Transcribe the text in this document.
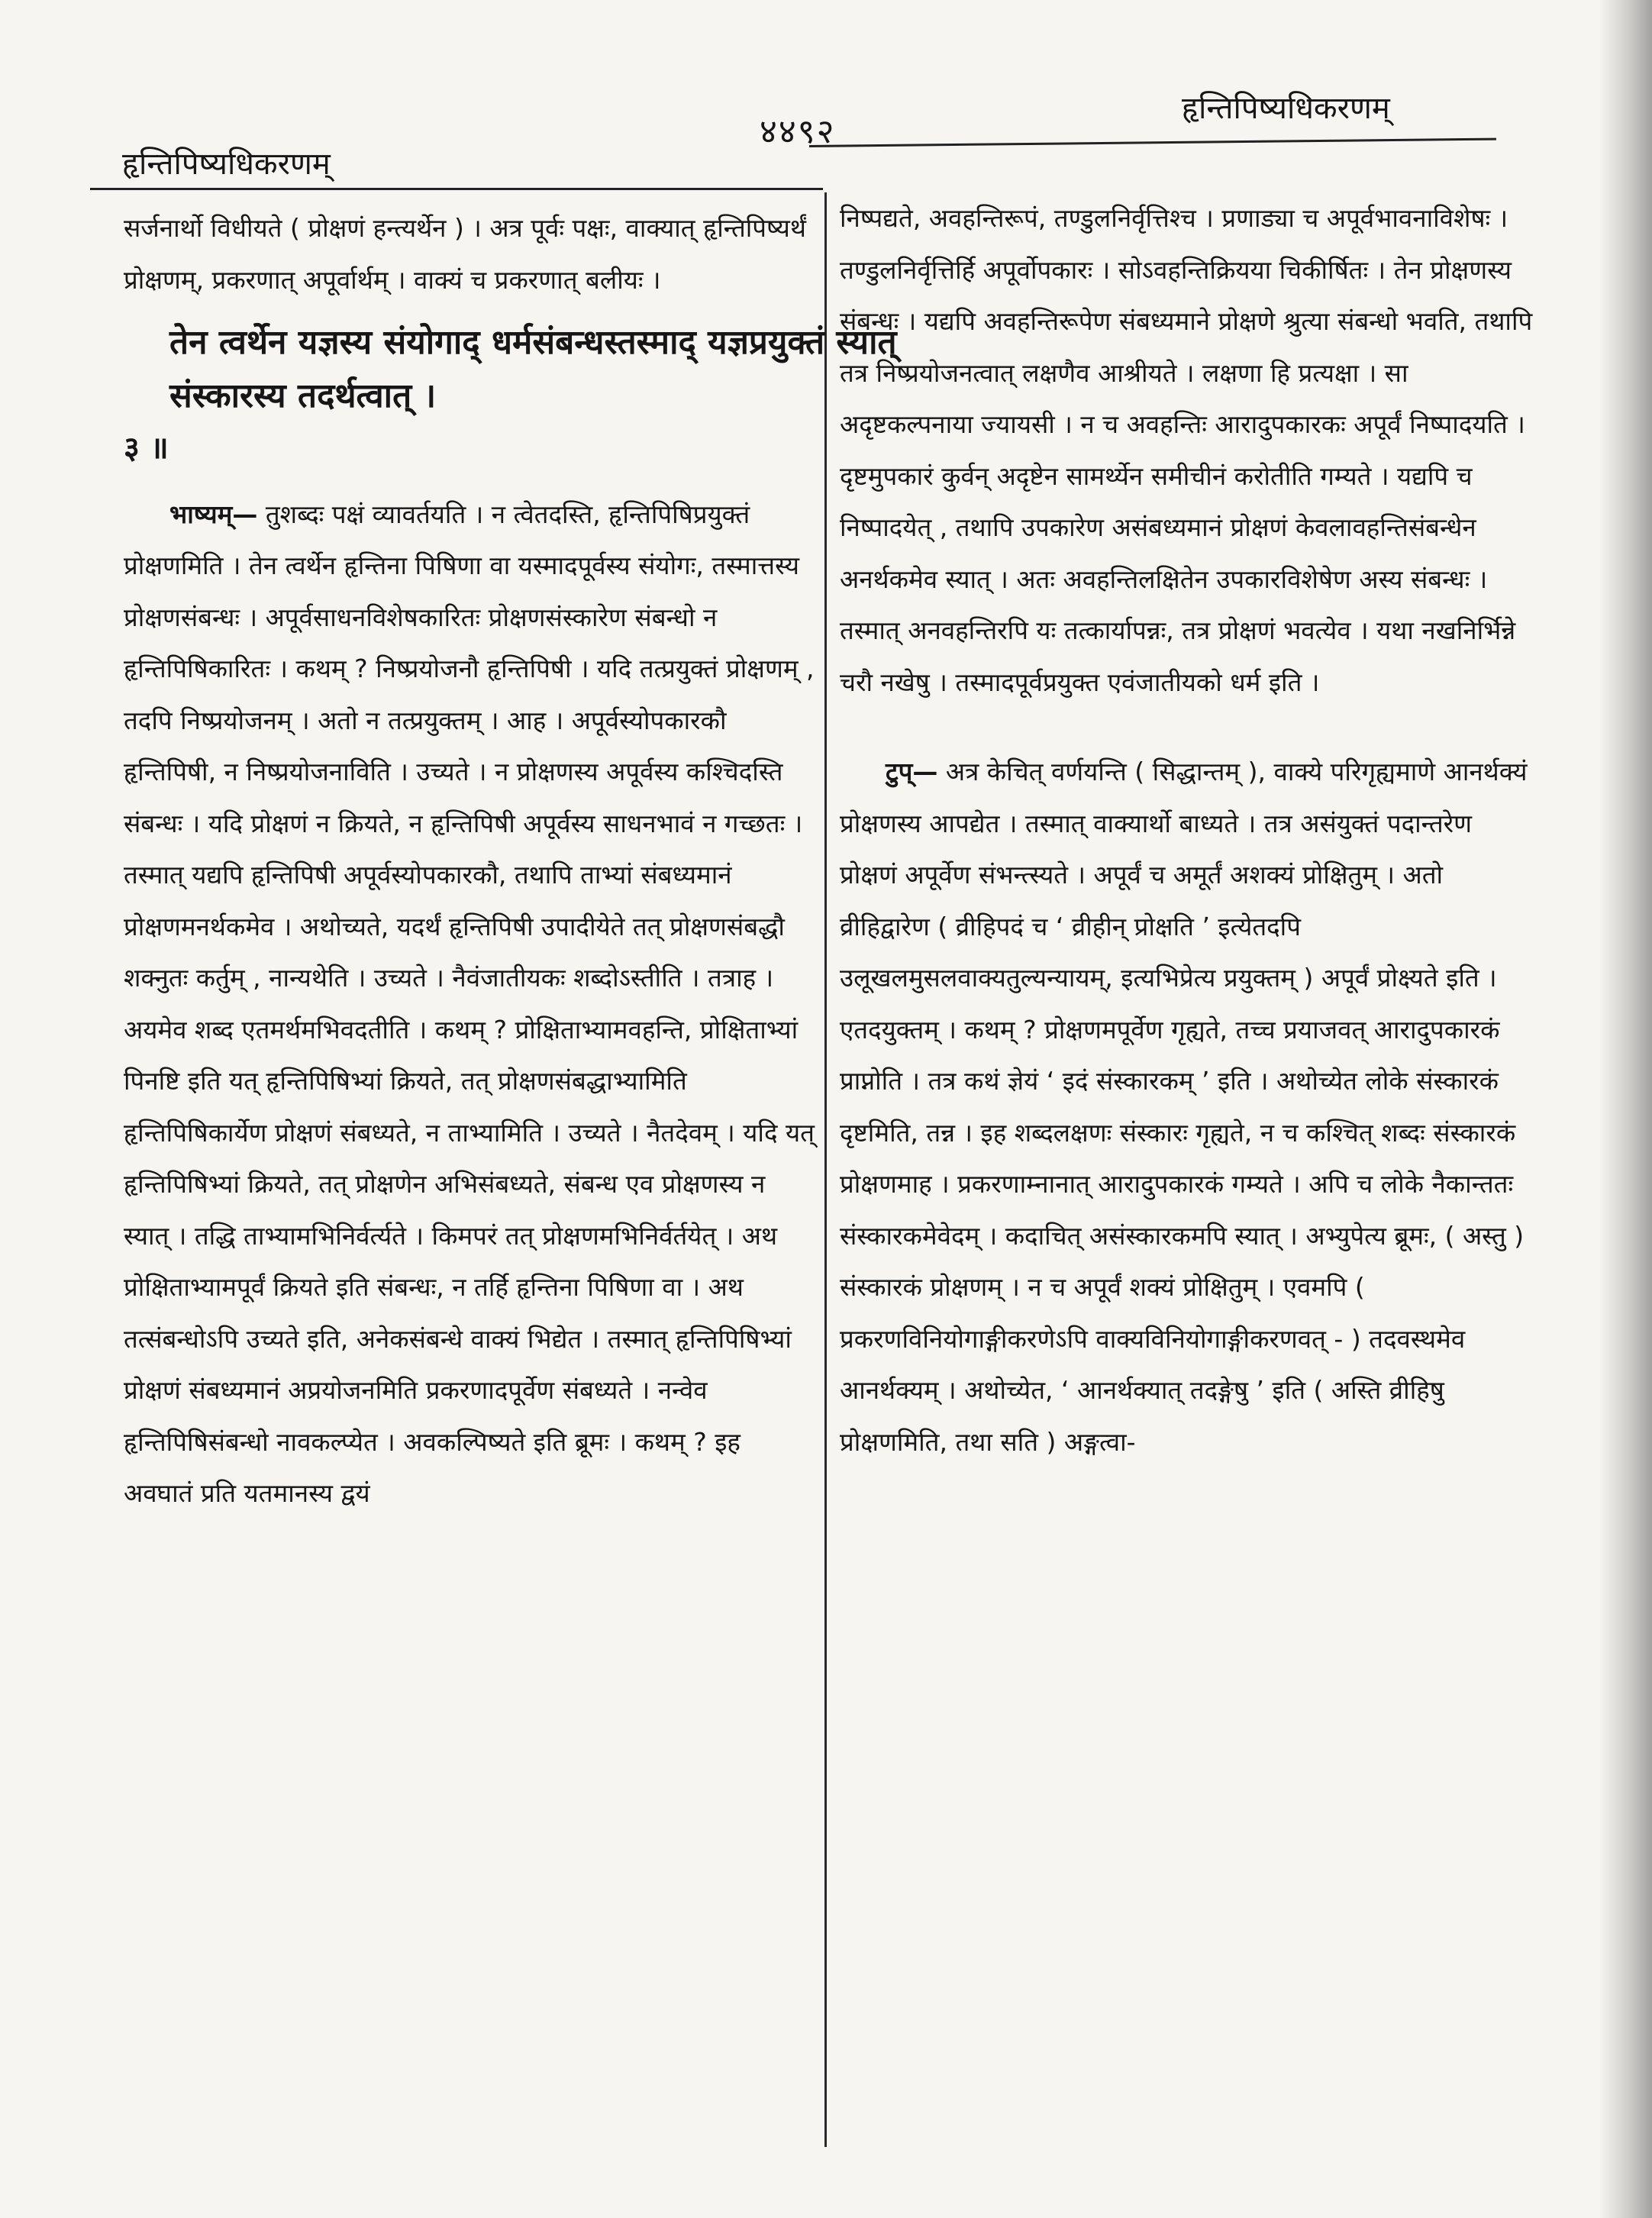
हृन्तिपिष्यधिकरणम्
४४९२
हृन्तिपिष्यधिकरणम्

सर्जनार्थो विधीयते ( प्रोक्षणं हन्त्यर्थेन ) । अत्र पूर्वः पक्षः, वाक्यात् हृन्तिपिष्यर्थं प्रोक्षणम्, प्रकरणात् अपूर्वार्थम् । वाक्यं च प्रकरणात् बलीयः ।

तेन त्वर्थेन यज्ञस्य संयोगाद् धर्मसंबन्धस्तस्माद् यज्ञप्रयुक्तं स्यात् संस्कारस्य तदर्थत्वात् ।

३ ॥

भाष्यम्— तुशब्दः पक्षं व्यावर्तयति । न त्वेतदस्ति, हृन्तिपिषिप्रयुक्तं प्रोक्षणमिति । तेन त्वर्थेन हृन्तिना पिषिणा वा यस्मादपूर्वस्य संयोगः, तस्मात्तस्य प्रोक्षणसंबन्धः । अपूर्वसाधनविशेषकारितः प्रोक्षणसंस्कारेण संबन्धो न हृन्तिपिषिकारितः । कथम् ? निष्प्रयोजनौ हृन्तिपिषी । यदि तत्प्रयुक्तं प्रोक्षणम् , तदपि निष्प्रयोजनम् । अतो न तत्प्रयुक्तम् । आह । अपूर्वस्योपकारकौ हृन्तिपिषी, न निष्प्रयोजनाविति । उच्यते । न प्रोक्षणस्य अपूर्वस्य कश्चिदस्ति संबन्धः । यदि प्रोक्षणं न क्रियते, न हृन्तिपिषी अपूर्वस्य साधनभावं न गच्छतः । तस्मात् यद्यपि हृन्तिपिषी अपूर्वस्योपकारकौ, तथापि ताभ्यां संबध्यमानं प्रोक्षणमनर्थकमेव । अथोच्यते, यदर्थं हृन्तिपिषी उपादीयेते तत् प्रोक्षणसंबद्धौ शक्नुतः कर्तुम् , नान्यथेति । उच्यते । नैवंजातीयकः शब्दोऽस्तीति । तत्राह । अयमेव शब्द एतमर्थमभिवदतीति । कथम् ? प्रोक्षिताभ्यामवहन्ति, प्रोक्षिताभ्यां पिनष्टि इति यत् हृन्तिपिषिभ्यां क्रियते, तत् प्रोक्षणसंबद्धाभ्यामिति हृन्तिपिषिकार्येण प्रोक्षणं संबध्यते, न ताभ्यामिति । उच्यते । नैतदेवम् । यदि यत् हृन्तिपिषिभ्यां क्रियते, तत् प्रोक्षणेन अभिसंबध्यते, संबन्ध एव प्रोक्षणस्य न स्यात् । तद्धि ताभ्यामभिनिर्वर्त्यते । किमपरं तत् प्रोक्षणमभिनिर्वर्तयेत् । अथ प्रोक्षिताभ्यामपूर्वं क्रियते इति संबन्धः, न तर्हि हृन्तिना पिषिणा वा । अथ तत्संबन्धोऽपि उच्यते इति, अनेकसंबन्धे वाक्यं भिद्येत । तस्मात् हृन्तिपिषिभ्यां प्रोक्षणं संबध्यमानं अप्रयोजनमिति प्रकरणादपूर्वेण संबध्यते । नन्वेव हृन्तिपिषिसंबन्धो नावकल्प्येत । अवकल्पिष्यते इति ब्रूमः । कथम् ? इह अवघातं प्रति यतमानस्य द्वयं

निष्पद्यते, अवहन्तिरूपं, तण्डुलनिर्वृत्तिश्च । प्रणाड्या च अपूर्वभावनाविशेषः । तण्डुलनिर्वृत्तिर्हि अपूर्वोपकारः । सोऽवहन्तिक्रियया चिकीर्षितः । तेन प्रोक्षणस्य संबन्धः । यद्यपि अवहन्तिरूपेण संबध्यमाने प्रोक्षणे श्रुत्या संबन्धो भवति, तथापि तत्र निष्प्रयोजनत्वात् लक्षणैव आश्रीयते । लक्षणा हि प्रत्यक्षा । सा अदृष्टकल्पनाया ज्यायसी । न च अवहन्तिः आरादुपकारकः अपूर्वं निष्पादयति । दृष्टमुपकारं कुर्वन् अदृष्टेन सामर्थ्येन समीचीनं करोतीति गम्यते । यद्यपि च निष्पादयेत् , तथापि उपकारेण असंबध्यमानं प्रोक्षणं केवलावहन्तिसंबन्धेन अनर्थकमेव स्यात् । अतः अवहन्तिलक्षितेन उपकारविशेषेण अस्य संबन्धः । तस्मात् अनवहन्तिरपि यः तत्कार्यापन्नः, तत्र प्रोक्षणं भवत्येव । यथा नखनिर्भिन्ने चरौ नखेषु । तस्मादपूर्वप्रयुक्त एवंजातीयको धर्म इति ।

टुप्— अत्र केचित् वर्णयन्ति ( सिद्धान्तम् ), वाक्ये परिगृह्यमाणे आनर्थक्यं प्रोक्षणस्य आपद्येत । तस्मात् वाक्यार्थो बाध्यते । तत्र असंयुक्तं पदान्तरेण प्रोक्षणं अपूर्वेण संभन्त्स्यते । अपूर्वं च अमूर्तं अशक्यं प्रोक्षितुम् । अतो व्रीहिद्वारेण ( व्रीहिपदं च ‘ व्रीहीन् प्रोक्षति ’ इत्येतदपि उलूखलमुसलवाक्यतुल्यन्यायम्, इत्यभिप्रेत्य प्रयुक्तम् ) अपूर्वं प्रोक्ष्यते इति । एतदयुक्तम् । कथम् ? प्रोक्षणमपूर्वेण गृह्यते, तच्च प्रयाजवत् आरादुपकारकं प्राप्नोति । तत्र कथं ज्ञेयं ‘ इदं संस्कारकम् ’ इति । अथोच्येत लोके संस्कारकं दृष्टमिति, तन्न । इह शब्दलक्षणः संस्कारः गृह्यते, न च कश्चित् शब्दः संस्कारकं प्रोक्षणमाह । प्रकरणाम्नानात् आरादुपकारकं गम्यते । अपि च लोके नैकान्ततः संस्कारकमेवेदम् । कदाचित् असंस्कारकमपि स्यात् । अभ्युपेत्य ब्रूमः, ( अस्तु ) संस्कारकं प्रोक्षणम् । न च अपूर्वं शक्यं प्रोक्षितुम् । एवमपि ( प्रकरणविनियोगाङ्गीकरणेऽपि वाक्यविनियोगाङ्गीकरणवत् - ) तदवस्थमेव आनर्थक्यम् । अथोच्येत, ‘ आनर्थक्यात् तदङ्गेषु ’ इति ( अस्ति व्रीहिषु प्रोक्षणमिति, तथा सति ) अङ्गत्वा-
